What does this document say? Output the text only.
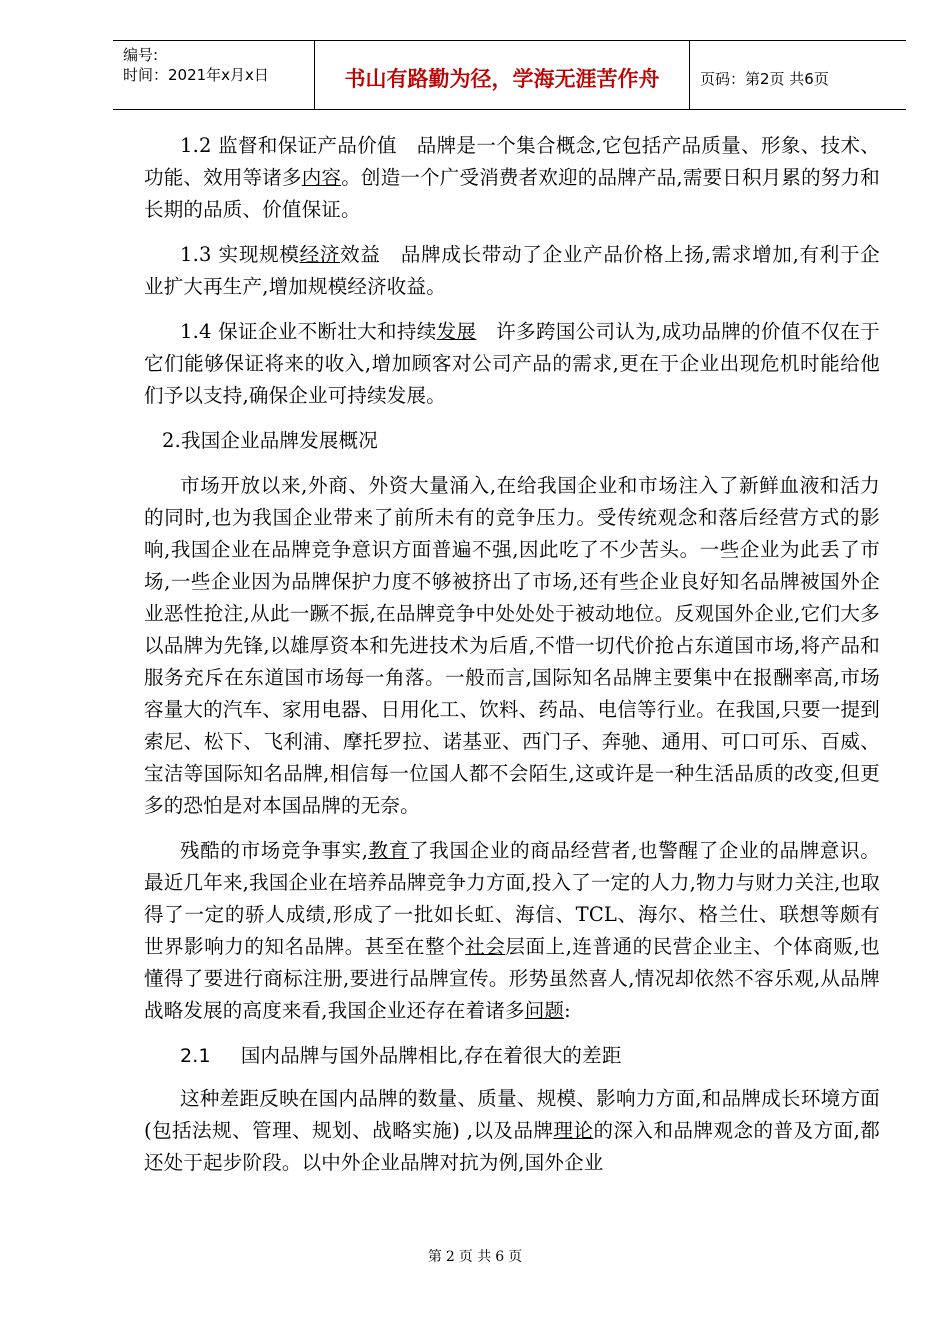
编号:
时间：2021年x月x日	书山有路勤为径，学海无涯苦作舟	页码：第2页 共6页

1.2 监督和保证产品价值  品牌是一个集合概念,它包括产品质量、形象、技术、功能、效用等诸多内容。创造一个广受消费者欢迎的品牌产品,需要日积月累的努力和长期的品质、价值保证。

1.3 实现规模经济效益  品牌成长带动了企业产品价格上扬,需求增加,有利于企业扩大再生产,增加规模经济收益。

1.4 保证企业不断壮大和持续发展  许多跨国公司认为,成功品牌的价值不仅在于它们能够保证将来的收入,增加顾客对公司产品的需求,更在于企业出现危机时能给他们予以支持,确保企业可持续发展。

2.我国企业品牌发展概况

市场开放以来,外商、外资大量涌入,在给我国企业和市场注入了新鲜血液和活力的同时,也为我国企业带来了前所未有的竞争压力。受传统观念和落后经营方式的影响,我国企业在品牌竞争意识方面普遍不强,因此吃了不少苦头。一些企业为此丢了市场,一些企业因为品牌保护力度不够被挤出了市场,还有些企业良好知名品牌被国外企业恶性抢注,从此一蹶不振,在品牌竞争中处处处于被动地位。反观国外企业,它们大多以品牌为先锋,以雄厚资本和先进技术为后盾,不惜一切代价抢占东道国市场,将产品和服务充斥在东道国市场每一角落。一般而言,国际知名品牌主要集中在报酬率高,市场容量大的汽车、家用电器、日用化工、饮料、药品、电信等行业。在我国,只要一提到索尼、松下、飞利浦、摩托罗拉、诺基亚、西门子、奔驰、通用、可口可乐、百威、宝洁等国际知名品牌,相信每一位国人都不会陌生,这或许是一种生活品质的改变,但更多的恐怕是对本国品牌的无奈。

残酷的市场竞争事实,教育了我国企业的商品经营者,也警醒了企业的品牌意识。最近几年来,我国企业在培养品牌竞争力方面,投入了一定的人力,物力与财力关注,也取得了一定的骄人成绩,形成了一批如长虹、海信、TCL、海尔、格兰仕、联想等颇有世界影响力的知名品牌。甚至在整个社会层面上,连普通的民营企业主、个体商贩,也懂得了要进行商标注册,要进行品牌宣传。形势虽然喜人,情况却依然不容乐观,从品牌战略发展的高度来看,我国企业还存在着诸多问题:

2.1 国内品牌与国外品牌相比,存在着很大的差距

这种差距反映在国内品牌的数量、质量、规模、影响力方面,和品牌成长环境方面(包括法规、管理、规划、战略实施) ,以及品牌理论的深入和品牌观念的普及方面,都还处于起步阶段。以中外企业品牌对抗为例,国外企业

第 2 页 共 6 页
